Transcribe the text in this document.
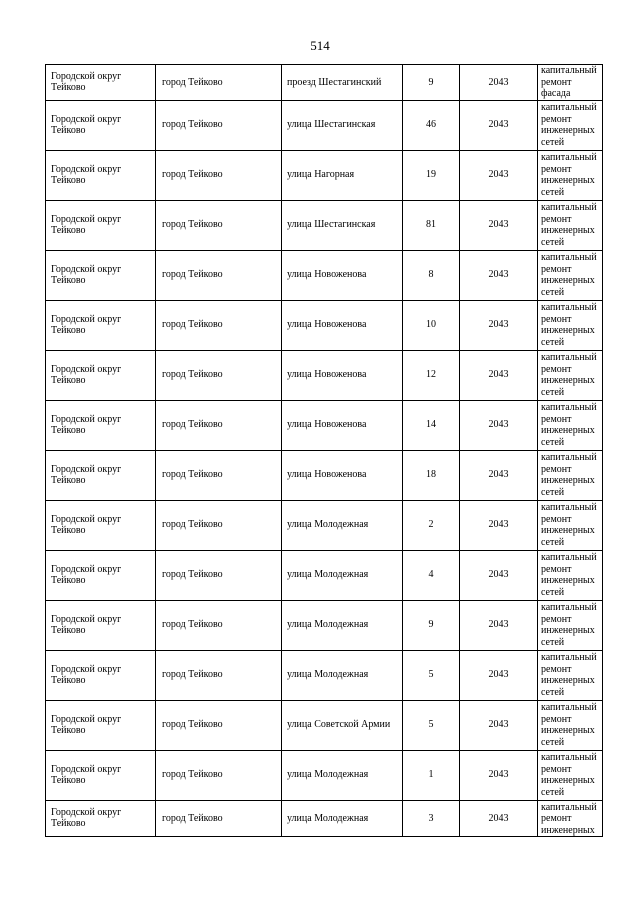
514
Городской округ Тейково	город Тейково	проезд Шестагинский	9	2043	капитальный ремонт фасада
Городской округ Тейково	город Тейково	улица Шестагинская	46	2043	капитальный ремонт инженерных сетей
Городской округ Тейково	город Тейково	улица Нагорная	19	2043	капитальный ремонт инженерных сетей
Городской округ Тейково	город Тейково	улица Шестагинская	81	2043	капитальный ремонт инженерных сетей
Городской округ Тейково	город Тейково	улица Новоженова	8	2043	капитальный ремонт инженерных сетей
Городской округ Тейково	город Тейково	улица Новоженова	10	2043	капитальный ремонт инженерных сетей
Городской округ Тейково	город Тейково	улица Новоженова	12	2043	капитальный ремонт инженерных сетей
Городской округ Тейково	город Тейково	улица Новоженова	14	2043	капитальный ремонт инженерных сетей
Городской округ Тейково	город Тейково	улица Новоженова	18	2043	капитальный ремонт инженерных сетей
Городской округ Тейково	город Тейково	улица Молодежная	2	2043	капитальный ремонт инженерных сетей
Городской округ Тейково	город Тейково	улица Молодежная	4	2043	капитальный ремонт инженерных сетей
Городской округ Тейково	город Тейково	улица Молодежная	9	2043	капитальный ремонт инженерных сетей
Городской округ Тейково	город Тейково	улица Молодежная	5	2043	капитальный ремонт инженерных сетей
Городской округ Тейково	город Тейково	улица Советской Армии	5	2043	капитальный ремонт инженерных сетей
Городской округ Тейково	город Тейково	улица Молодежная	1	2043	капитальный ремонт инженерных сетей
Городской округ Тейково	город Тейково	улица Молодежная	3	2043	капитальный ремонт инженерных
